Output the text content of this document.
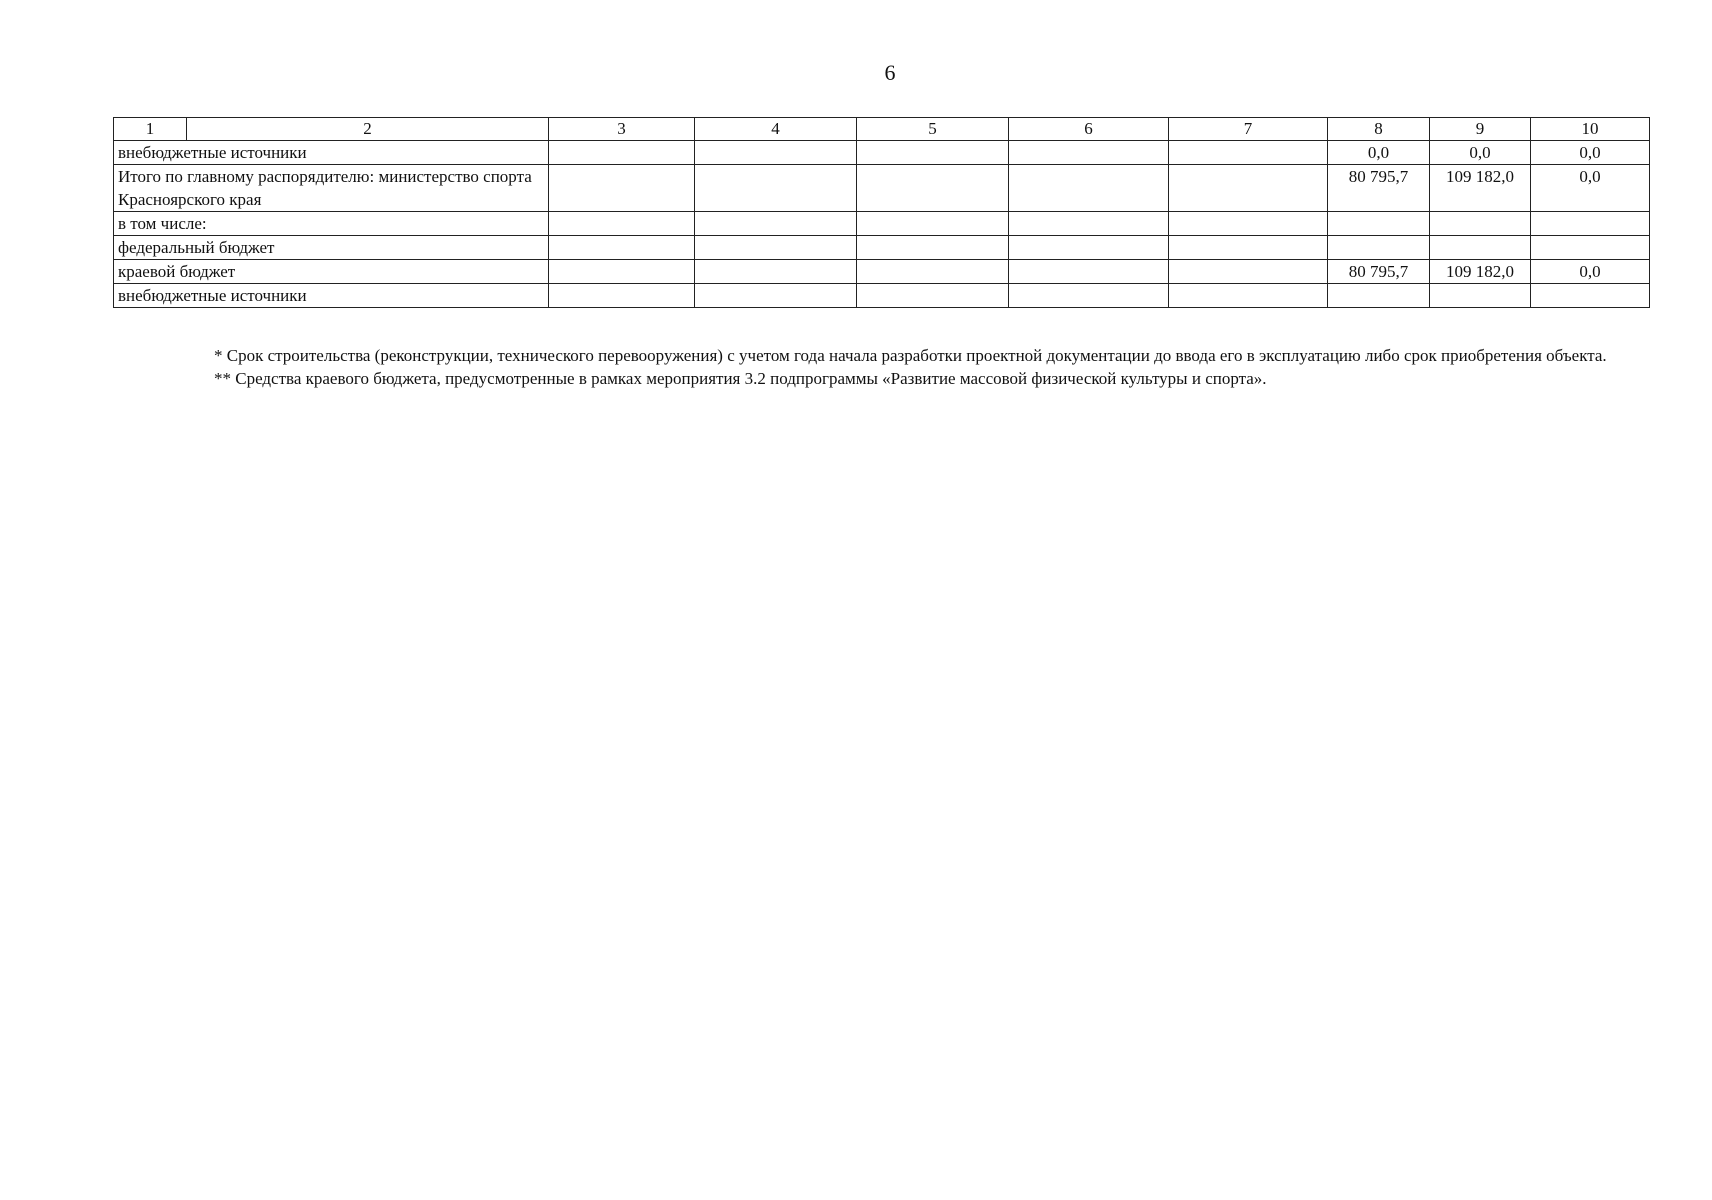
6
1	2	3	4	5	6	7	8	9	10
внебюджетные источники							0,0	0,0	0,0
Итого по главному распорядителю: министерство спорта Красноярского края							80 795,7	109 182,0	0,0
в том числе:									
федеральный бюджет									
краевой бюджет							80 795,7	109 182,0	0,0
внебюджетные источники									

* Срок строительства (реконструкции, технического перевооружения) с учетом года начала разработки проектной документации до ввода его в эксплуатацию либо срок приобретения объекта.

** Средства краевого бюджета, предусмотренные в рамках мероприятия 3.2 подпрограммы «Развитие массовой физической культуры и спорта».
